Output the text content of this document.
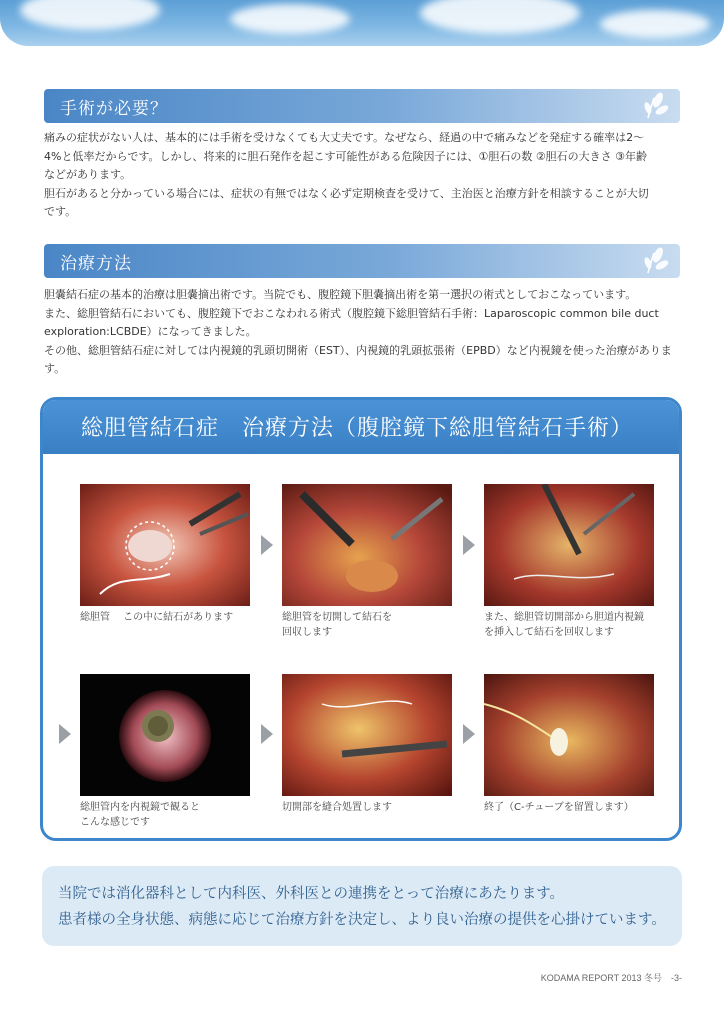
手術が必要？

痛みの症状がない人は、基本的には手術を受けなくても大丈夫です。なぜなら、経過の中で痛みなどを発症する確率は2〜

4%と低率だからです。しかし、将来的に胆石発作を起こす可能性がある危険因子には、①胆石の数 ②胆石の大きさ ③年齢

などがあります。

胆石があると分かっている場合には、症状の有無ではなく必ず定期検査を受けて、主治医と治療方針を相談することが大切

です。

治療方法

胆嚢結石症の基本的治療は胆嚢摘出術です。当院でも、腹腔鏡下胆嚢摘出術を第一選択の術式としておこなっています。

また、総胆管結石においても、腹腔鏡下でおこなわれる術式（腹腔鏡下総胆管結石手術：Laparoscopic common bile duct

exploration:LCBDE）になってきました。

その他、総胆管結石症に対しては内視鏡的乳頭切開術（EST）、内視鏡的乳頭拡張術（EPBD）など内視鏡を使った治療があります。

総胆管結石症　治療方法（腹腔鏡下総胆管結石手術）
総胆管　 この中に結石があります	総胆管を切開して結石を
回収します
また、総胆管切開部から胆道内視鏡
を挿入して結石を回収します
総胆管内を内視鏡で観ると
こんな感じです
切開部を縫合処置します	終了（C-チューブを留置します）
当院では消化器科として内科医、外科医との連携をとって治療にあたります。
患者様の全身状態、病態に応じて治療方針を決定し、より良い治療の提供を心掛けています。
KODAMA REPORT 2013 冬号　-3-
